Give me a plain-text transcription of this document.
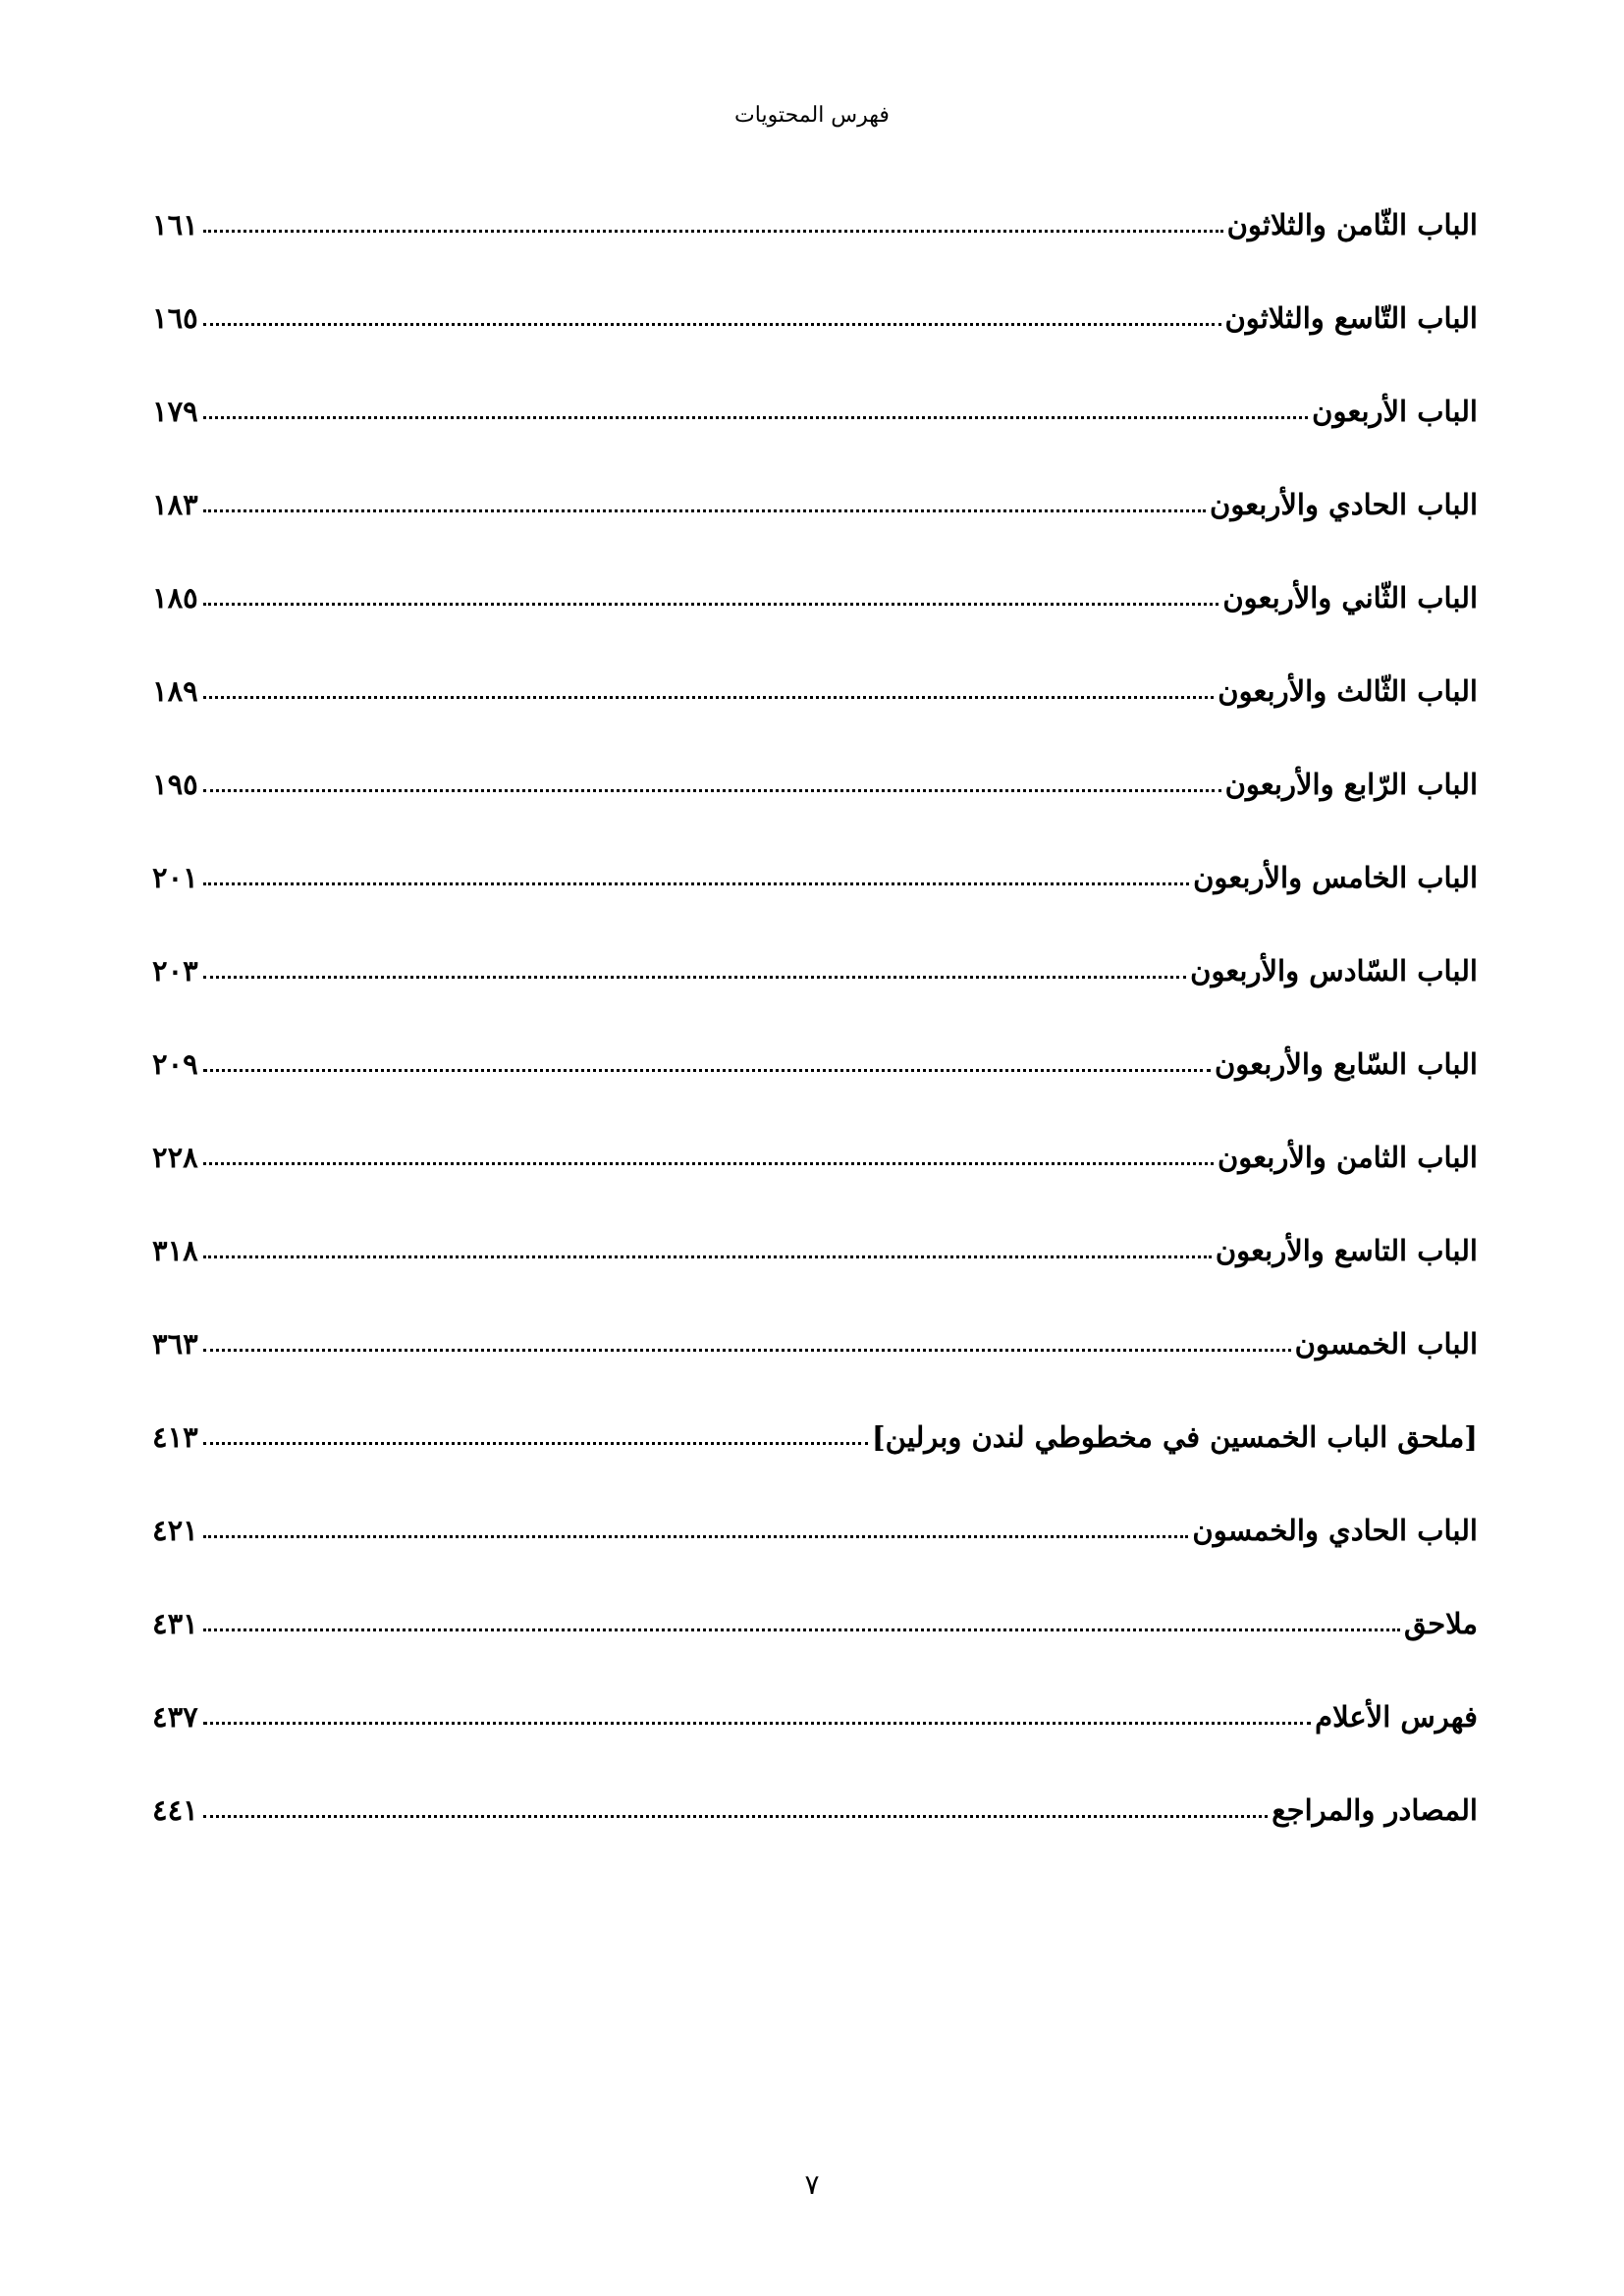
فهرس المحتويات
الباب الثّامن والثلاثون
١٦١
الباب التّاسع والثلاثون
١٦٥
الباب الأربعون
١٧٩
الباب الحادي والأربعون
١٨٣
الباب الثّاني والأربعون
١٨٥
الباب الثّالث والأربعون
١٨٩
الباب الرّابع والأربعون
١٩٥
الباب الخامس والأربعون
٢٠١
الباب السّادس والأربعون
٢٠٣
الباب السّابع والأربعون
٢٠٩
الباب الثامن والأربعون
٢٢٨
الباب التاسع والأربعون
٣١٨
الباب الخمسون
٣٦٣
[ملحق الباب الخمسين في مخطوطي لندن وبرلين]
٤١٣
الباب الحادي والخمسون
٤٢١
ملاحق
٤٣١
فهرس الأعلام
٤٣٧
المصادر والمراجع
٤٤١
٧
